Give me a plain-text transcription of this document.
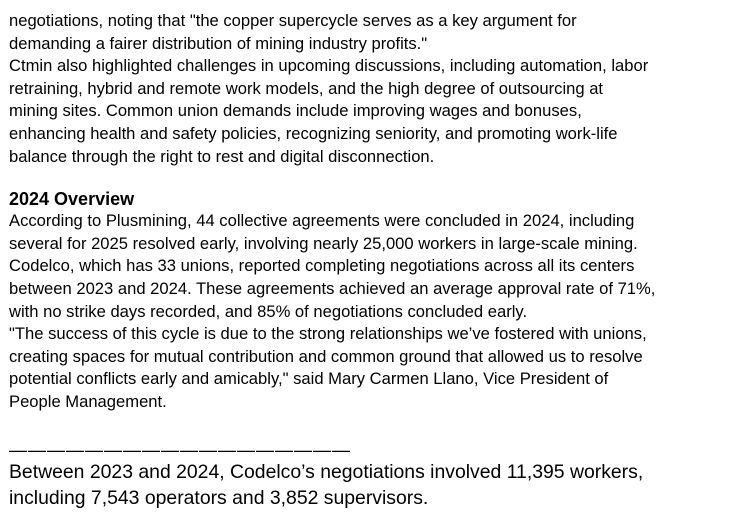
negotiations, noting that "the copper supercycle serves as a key argument for
demanding a fairer distribution of mining industry profits."

Ctmin also highlighted challenges in upcoming discussions, including automation, labor
retraining, hybrid and remote work models, and the high degree of outsourcing at
mining sites. Common union demands include improving wages and bonuses,
enhancing health and safety policies, recognizing seniority, and promoting work-life
balance through the right to rest and digital disconnection.

2024 Overview

According to Plusmining, 44 collective agreements were concluded in 2024, including
several for 2025 resolved early, involving nearly 25,000 workers in large-scale mining.
Codelco, which has 33 unions, reported completing negotiations across all its centers
between 2023 and 2024. These agreements achieved an average approval rate of 71%,
with no strike days recorded, and 85% of negotiations concluded early.

"The success of this cycle is due to the strong relationships we’ve fostered with unions,
creating spaces for mutual contribution and common ground that allowed us to resolve
potential conflicts early and amicably," said Mary Carmen Llano, Vice President of
People Management.

——————————————————

Between 2023 and 2024, Codelco’s negotiations involved 11,395 workers,
including 7,543 operators and 3,852 supervisors.
